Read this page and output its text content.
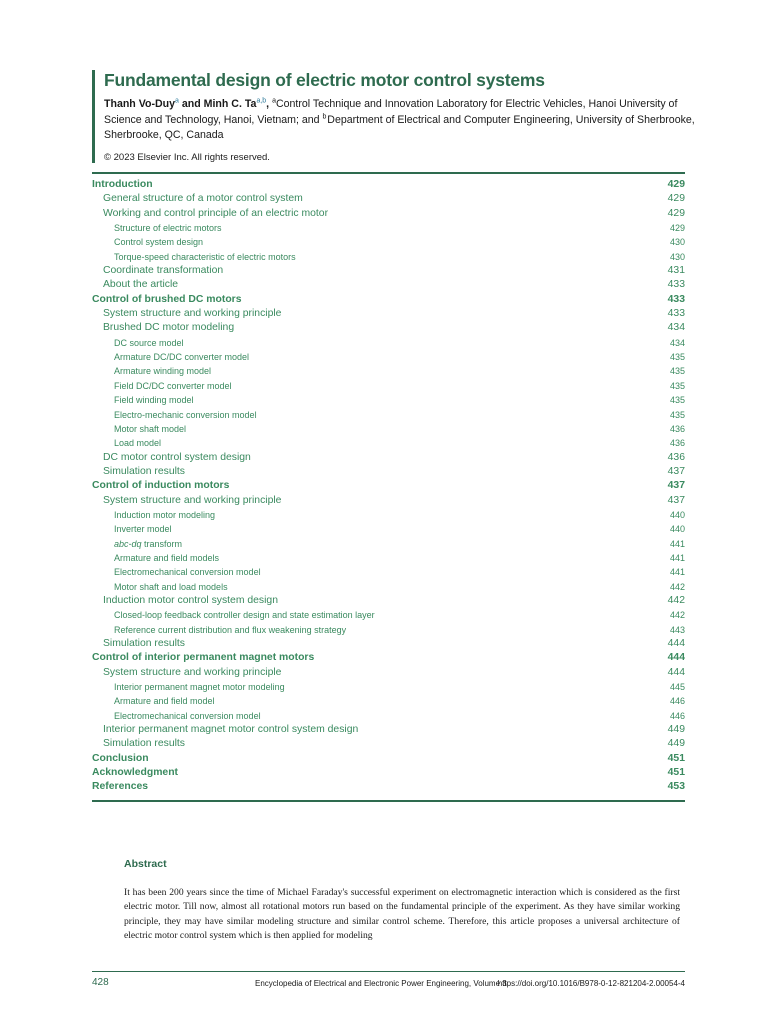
Fundamental design of electric motor control systems
Thanh Vo-Duy$^a$ and Minh C. Ta$^{a,b}$, $^a$Control Technique and Innovation Laboratory for Electric Vehicles, Hanoi University of Science and Technology, Hanoi, Vietnam; and $^b$ Department of Electrical and Computer Engineering, University of Sherbrooke, Sherbrooke, QC, Canada
© 2023 Elsevier Inc. All rights reserved.
Introduction	429
General structure of a motor control system	429
Working and control principle of an electric motor	429
Structure of electric motors	429
Control system design	430
Torque-speed characteristic of electric motors	430
Coordinate transformation	431
About the article	433
Control of brushed DC motors	433
System structure and working principle	433
Brushed DC motor modeling	434
DC source model	434
Armature DC/DC converter model	435
Armature winding model	435
Field DC/DC converter model	435
Field winding model	435
Electro-mechanic conversion model	435
Motor shaft model	436
Load model	436
DC motor control system design	436
Simulation results	437
Control of induction motors	437
System structure and working principle	437
Induction motor modeling	440
Inverter model	440
abc-dq transform	441
Armature and field models	441
Electromechanical conversion model	441
Motor shaft and load models	442
Induction motor control system design	442
Closed-loop feedback controller design and state estimation layer	442
Reference current distribution and flux weakening strategy	443
Simulation results	444
Control of interior permanent magnet motors	444
System structure and working principle	444
Interior permanent magnet motor modeling	445
Armature and field model	446
Electromechanical conversion model	446
Interior permanent magnet motor control system design	449
Simulation results	449
Conclusion	451
Acknowledgment	451
References	453
Abstract

It has been 200 years since the time of Michael Faraday's successful experiment on electromagnetic interaction which is considered as the first electric motor. Till now, almost all rotational motors run based on the fundamental principle of the experiment. As they have similar working principle, they may have similar modeling structure and similar control scheme. Therefore, this article proposes a universal architecture of electric motor control system which is then applied for modeling

428	Encyclopedia of Electrical and Electronic Power Engineering, Volume 3
https://doi.org/10.1016/B978-0-12-821204-2.00054-4
